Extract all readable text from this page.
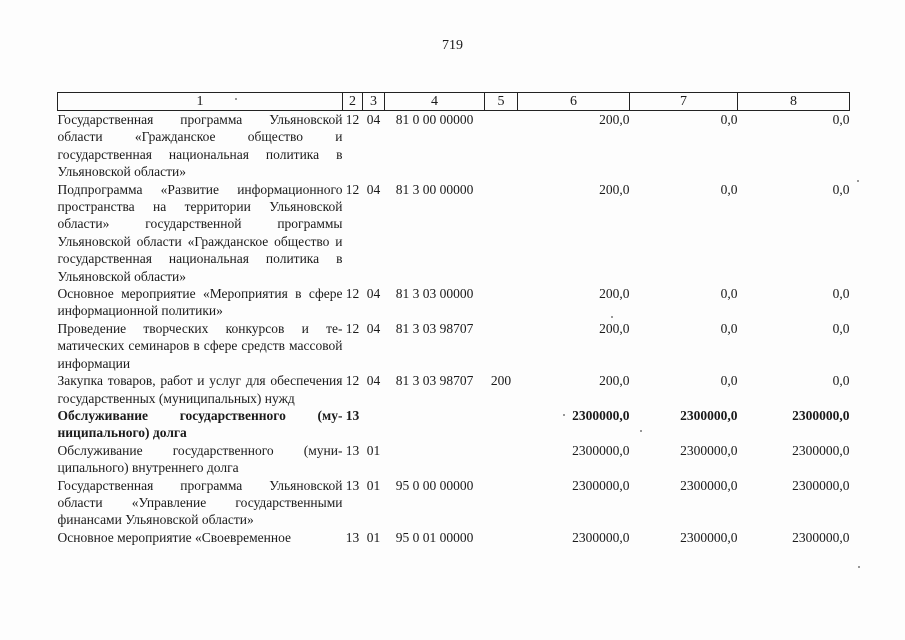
719
1	2	3	4	5	6	7	8
Государственная программа Ульяновской области «Гражданское общество и государственная национальная политика в Ульяновской области»	12	04	81 0 00 00000		200,0	0,0	0,0
Подпрограмма «Развитие информационного пространства на территории Ульяновской области» государственной программы Ульяновской области «Гражданское общество и государственная национальная политика в Ульяновской области»	12	04	81 3 00 00000		200,0	0,0	0,0
Основное мероприятие «Мероприятия в сфере информационной политики»	12	04	81 3 03 00000		200,0	0,0	0,0
Проведение творческих конкурсов и тематических семинаров в сфере средств массовой информации	12	04	81 3 03 98707		200,0	0,0	0,0
Закупка товаров, работ и услуг для обеспечения государственных (муниципальных) нужд	12	04	81 3 03 98707	200	200,0	0,0	0,0
Обслуживание государственного (муниципального) долга	13				2300000,0	2300000,0	2300000,0
Обслуживание государственного (муниципального) внутреннего долга	13	01			2300000,0	2300000,0	2300000,0
Государственная программа Ульяновской области «Управление государственными финансами Ульяновской области»	13	01	95 0 00 00000		2300000,0	2300000,0	2300000,0
Основное мероприятие «Своевременное	13	01	95 0 01 00000		2300000,0	2300000,0	2300000,0
